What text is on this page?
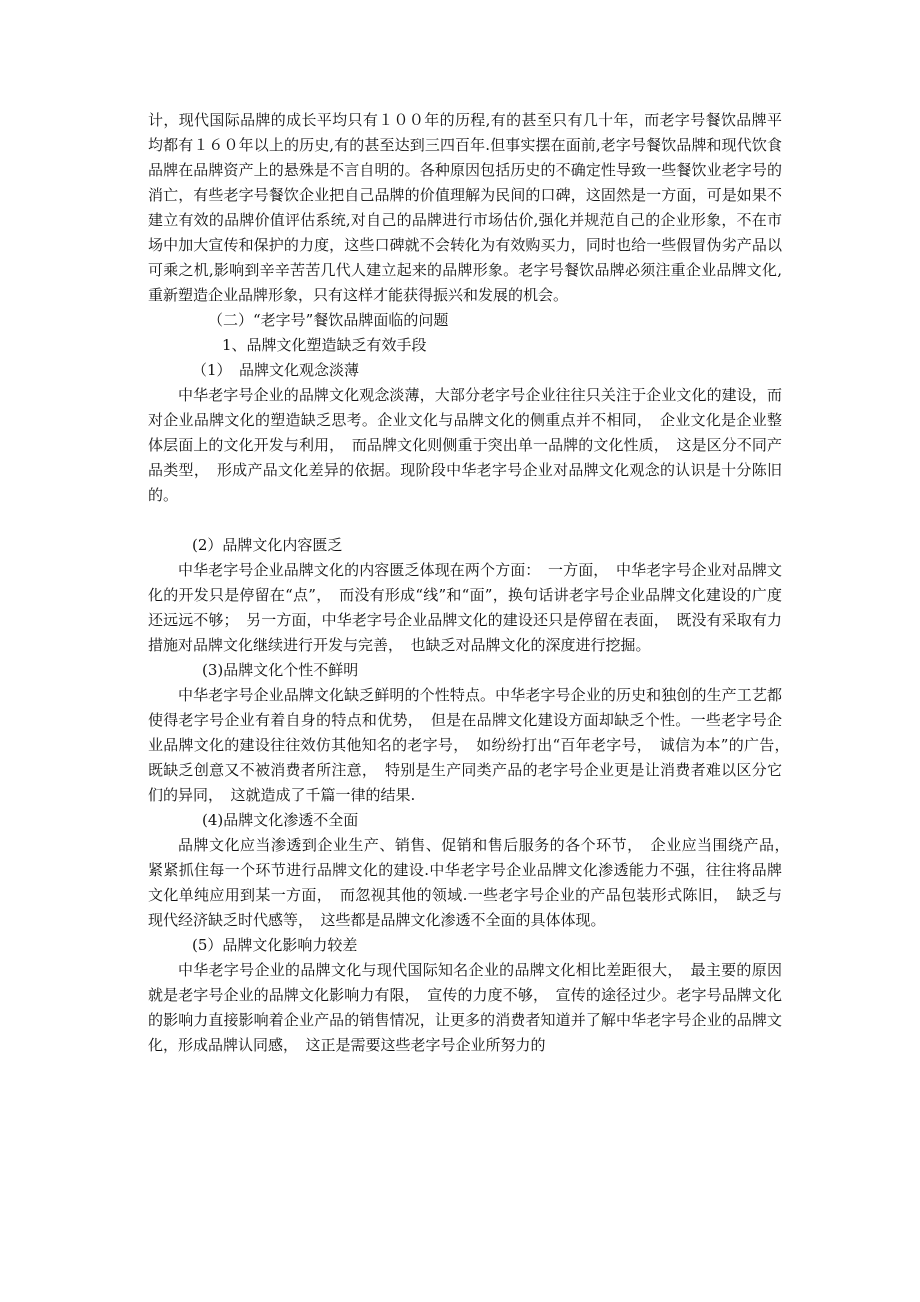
计，现代国际品牌的成长平均只有１００年的历程,有的甚至只有几十年，而老字号餐饮品牌平均都有１６０年以上的历史,有的甚至达到三四百年.但事实摆在面前,老字号餐饮品牌和现代饮食品牌在品牌资产上的悬殊是不言自明的。各种原因包括历史的不确定性导致一些餐饮业老字号的消亡，有些老字号餐饮企业把自己品牌的价值理解为民间的口碑，这固然是一方面，可是如果不建立有效的品牌价值评估系统,对自己的品牌进行市场估价,强化并规范自己的企业形象，不在市场中加大宣传和保护的力度，这些口碑就不会转化为有效购买力，同时也给一些假冒伪劣产品以可乘之机,影响到辛辛苦苦几代人建立起来的品牌形象。老字号餐饮品牌必须注重企业品牌文化,重新塑造企业品牌形象，只有这样才能获得振兴和发展的机会。

（二）“老字号”餐饮品牌面临的问题
1、品牌文化塑造缺乏有效手段
（1）　品牌文化观念淡薄

中华老字号企业的品牌文化观念淡薄，大部分老字号企业往往只关注于企业文化的建设，而对企业品牌文化的塑造缺乏思考。企业文化与品牌文化的侧重点并不相同，　企业文化是企业整体层面上的文化开发与利用，　而品牌文化则侧重于突出单一品牌的文化性质，　这是区分不同产品类型，　形成产品文化差异的依据。现阶段中华老字号企业对品牌文化观念的认识是十分陈旧的。

(2）品牌文化内容匮乏

中华老字号企业品牌文化的内容匮乏体现在两个方面：　一方面，　中华老字号企业对品牌文化的开发只是停留在“点”，　而没有形成“线”和“面”，换句话讲老字号企业品牌文化建设的广度还远远不够；　另一方面，中华老字号企业品牌文化的建设还只是停留在表面，　既没有采取有力措施对品牌文化继续进行开发与完善，　也缺乏对品牌文化的深度进行挖掘。

(3)品牌文化个性不鲜明

中华老字号企业品牌文化缺乏鲜明的个性特点。中华老字号企业的历史和独创的生产工艺都使得老字号企业有着自身的特点和优势，　但是在品牌文化建设方面却缺乏个性。一些老字号企业品牌文化的建设往往效仿其他知名的老字号，　如纷纷打出“百年老字号，　诚信为本”的广告，　既缺乏创意又不被消费者所注意，　特别是生产同类产品的老字号企业更是让消费者难以区分它们的异同，　这就造成了千篇一律的结果.

(4)品牌文化渗透不全面

品牌文化应当渗透到企业生产、销售、促销和售后服务的各个环节，　企业应当围绕产品，　紧紧抓住每一个环节进行品牌文化的建设.中华老字号企业品牌文化渗透能力不强，往往将品牌文化单纯应用到某一方面，　而忽视其他的领域.一些老字号企业的产品包装形式陈旧，　缺乏与现代经济缺乏时代感等，　这些都是品牌文化渗透不全面的具体体现。

(5）品牌文化影响力较差

中华老字号企业的品牌文化与现代国际知名企业的品牌文化相比差距很大，　最主要的原因就是老字号企业的品牌文化影响力有限，　宣传的力度不够，　宣传的途径过少。老字号品牌文化的影响力直接影响着企业产品的销售情况，让更多的消费者知道并了解中华老字号企业的品牌文化，形成品牌认同感，　这正是需要这些老字号企业所努力的
